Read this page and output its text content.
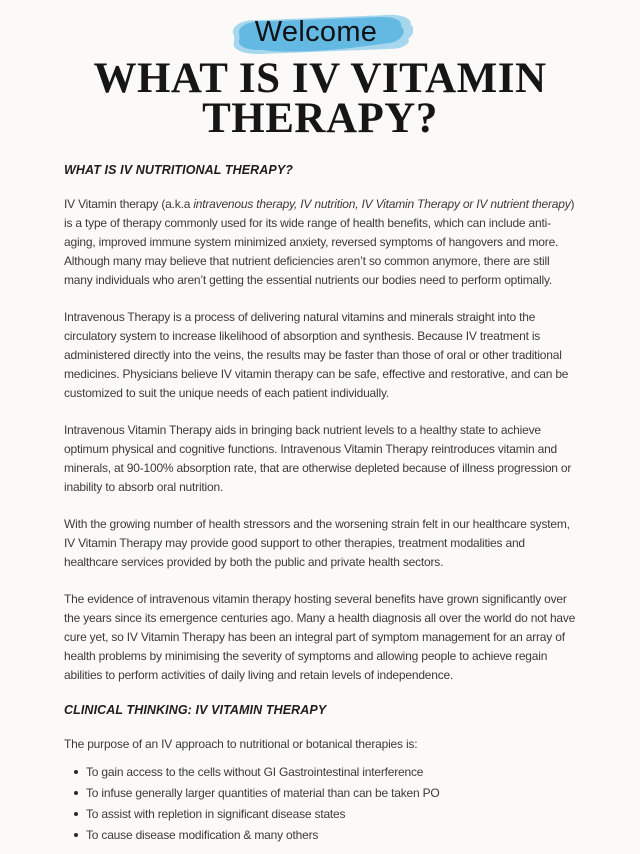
Welcome
WHAT IS IV VITAMIN
THERAPY?
WHAT IS IV NUTRITIONAL THERAPY?

IV Vitamin therapy (a.k.a intravenous therapy, IV nutrition, IV Vitamin Therapy or IV nutrient therapy) is a type of therapy commonly used for its wide range of health benefits, which can include anti-aging, improved immune system minimized anxiety, reversed symptoms of hangovers and more. Although many may believe that nutrient deficiencies aren’t so common anymore, there are still many individuals who aren’t getting the essential nutrients our bodies need to perform optimally.

Intravenous Therapy is a process of delivering natural vitamins and minerals straight into the circulatory system to increase likelihood of absorption and synthesis. Because IV treatment is administered directly into the veins, the results may be faster than those of oral or other traditional medicines. Physicians believe IV vitamin therapy can be safe, effective and restorative, and can be customized to suit the unique needs of each patient individually.

Intravenous Vitamin Therapy aids in bringing back nutrient levels to a healthy state to achieve optimum physical and cognitive functions. Intravenous Vitamin Therapy reintroduces vitamin and minerals, at 90-100% absorption rate, that are otherwise depleted because of illness progression or inability to absorb oral nutrition.

With the growing number of health stressors and the worsening strain felt in our healthcare system, IV Vitamin Therapy may provide good support to other therapies, treatment modalities and healthcare services provided by both the public and private health sectors.

The evidence of intravenous vitamin therapy hosting several benefits have grown significantly over the years since its emergence centuries ago. Many a health diagnosis all over the world do not have cure yet, so IV Vitamin Therapy has been an integral part of symptom management for an array of health problems by minimising the severity of symptoms and allowing people to achieve regain abilities to perform activities of daily living and retain levels of independence.

CLINICAL THINKING: IV VITAMIN THERAPY

The purpose of an IV approach to nutritional or botanical therapies is:

To gain access to the cells without GI Gastrointestinal interference
To infuse generally larger quantities of material than can be taken PO
To assist with repletion in significant disease states
To cause disease modification & many others
